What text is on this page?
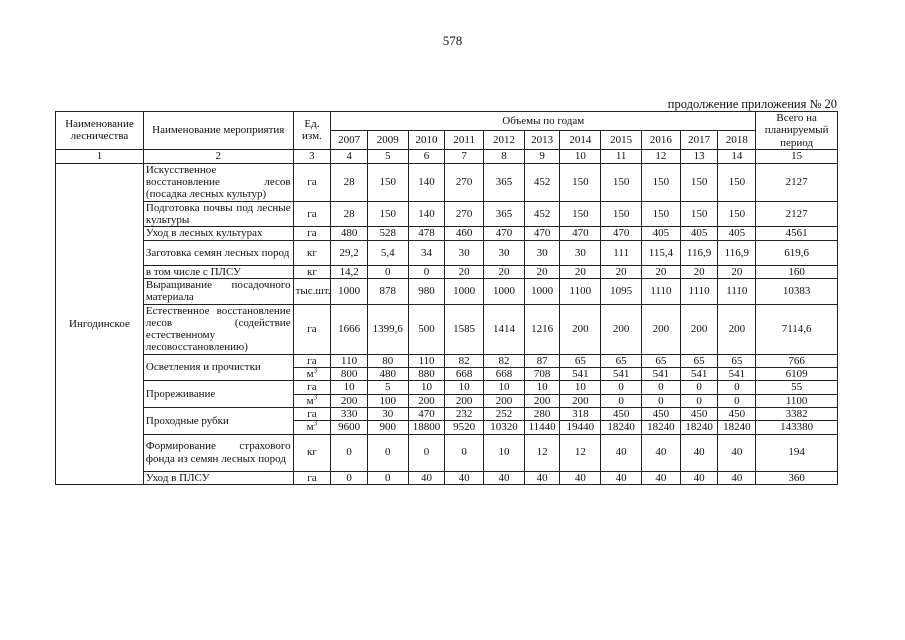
578
продолжение приложения № 20
Наименование лесничества	Наименование мероприятия	Ед. изм.	Объемы по годам											Всего на планируемый период
			2007	2009	2010	2011	2012	2013	2014	2015	2016	2017	2018	
1	2	3	4	5	6	7	8	9	10	11	12	13	14	15
Ингодинское	Искусственное восстановление лесов (посадка лесных культур)	га	28	150	140	270	365	452	150	150	150	150	150	2127
	Подготовка почвы под лесные культуры	га	28	150	140	270	365	452	150	150	150	150	150	2127
	Уход в лесных культурах	га	480	528	478	460	470	470	470	470	405	405	405	4561
	Заготовка семян лесных пород	кг	29,2	5,4	34	30	30	30	30	111	115,4	116,9	116,9	619,6
	в том числе с ПЛСУ	кг	14,2	0	0	20	20	20	20	20	20	20	20	160
	Выращивание посадочного материала	тыс.шт.	1000	878	980	1000	1000	1000	1100	1095	1110	1110	1110	10383
	Естественное восстановление лесов (содействие естественному лесовосстановлению)	га	1666	1399,6	500	1585	1414	1216	200	200	200	200	200	7114,6
	Осветления и прочистки	га	110	80	110	82	82	87	65	65	65	65	65	766
		$м^3$	800	480	880	668	668	708	541	541	541	541	541	6109
	Прореживание	га	10	5	10	10	10	10	10	0	0	0	0	55
		$м^3$	200	100	200	200	200	200	200	0	0	0	0	1100
	Проходные рубки	га	330	30	470	232	252	280	318	450	450	450	450	3382
		$м^3$	9600	900	18800	9520	10320	11440	19440	18240	18240	18240	18240	143380
	Формирование страхового фонда из семян лесных пород	кг	0	0	0	0	10	12	12	40	40	40	40	194
	Уход в ПЛСУ	га	0	0	40	40	40	40	40	40	40	40	40	360
